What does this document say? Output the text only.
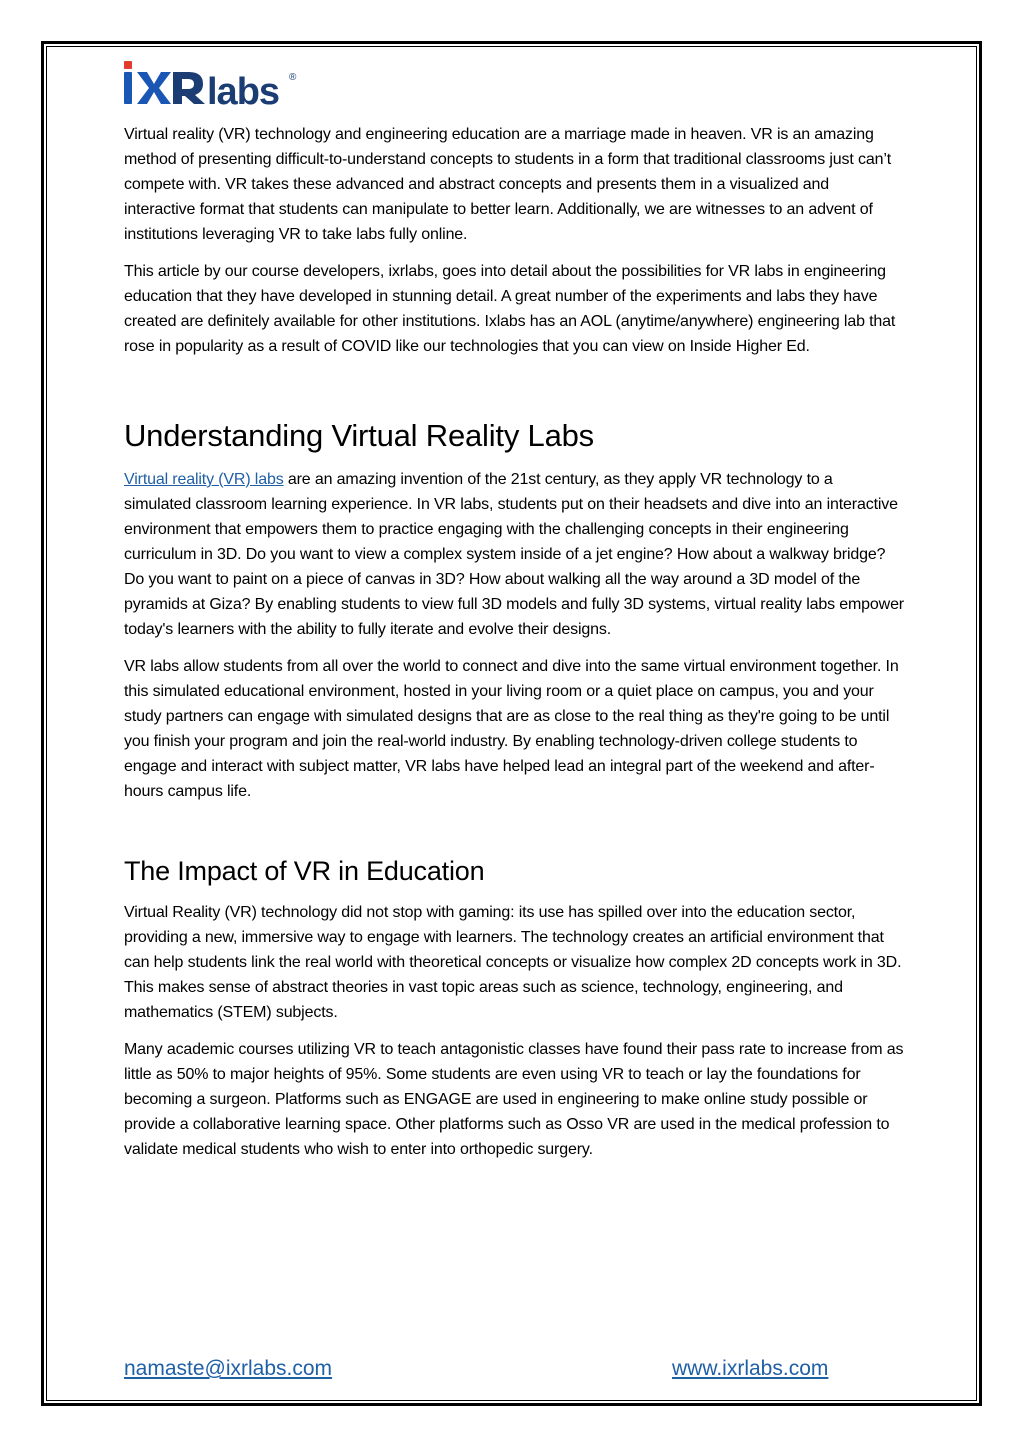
labs ®

Virtual reality (VR) technology and engineering education are a marriage made in heaven. VR is an amazing method of presenting difficult-to-understand concepts to students in a form that traditional classrooms just can’t compete with. VR takes these advanced and abstract concepts and presents them in a visualized and interactive format that students can manipulate to better learn. Additionally, we are witnesses to an advent of institutions leveraging VR to take labs fully online.

This article by our course developers, ixrlabs, goes into detail about the possibilities for VR labs in engineering education that they have developed in stunning detail. A great number of the experiments and labs they have created are definitely available for other institutions. Ixlabs has an AOL (anytime/anywhere) engineering lab that rose in popularity as a result of COVID like our technologies that you can view on Inside Higher Ed.

Understanding Virtual Reality Labs

Virtual reality (VR) labs are an amazing invention of the 21st century, as they apply VR technology to a simulated classroom learning experience. In VR labs, students put on their headsets and dive into an interactive environment that empowers them to practice engaging with the challenging concepts in their engineering curriculum in 3D. Do you want to view a complex system inside of a jet engine? How about a walkway bridge? Do you want to paint on a piece of canvas in 3D? How about walking all the way around a 3D model of the pyramids at Giza? By enabling students to view full 3D models and fully 3D systems, virtual reality labs empower today's learners with the ability to fully iterate and evolve their designs.

VR labs allow students from all over the world to connect and dive into the same virtual environment together. In this simulated educational environment, hosted in your living room or a quiet place on campus, you and your study partners can engage with simulated designs that are as close to the real thing as they're going to be until you finish your program and join the real-world industry. By enabling technology-driven college students to engage and interact with subject matter, VR labs have helped lead an integral part of the weekend and after-hours campus life.

The Impact of VR in Education

Virtual Reality (VR) technology did not stop with gaming: its use has spilled over into the education sector, providing a new, immersive way to engage with learners. The technology creates an artificial environment that can help students link the real world with theoretical concepts or visualize how complex 2D concepts work in 3D. This makes sense of abstract theories in vast topic areas such as science, technology, engineering, and mathematics (STEM) subjects.

Many academic courses utilizing VR to teach antagonistic classes have found their pass rate to increase from as little as 50% to major heights of 95%. Some students are even using VR to teach or lay the foundations for becoming a surgeon. Platforms such as ENGAGE are used in engineering to make online study possible or provide a collaborative learning space. Other platforms such as Osso VR are used in the medical profession to validate medical students who wish to enter into orthopedic surgery.

namaste@ixrlabs.com	www.ixrlabs.com
